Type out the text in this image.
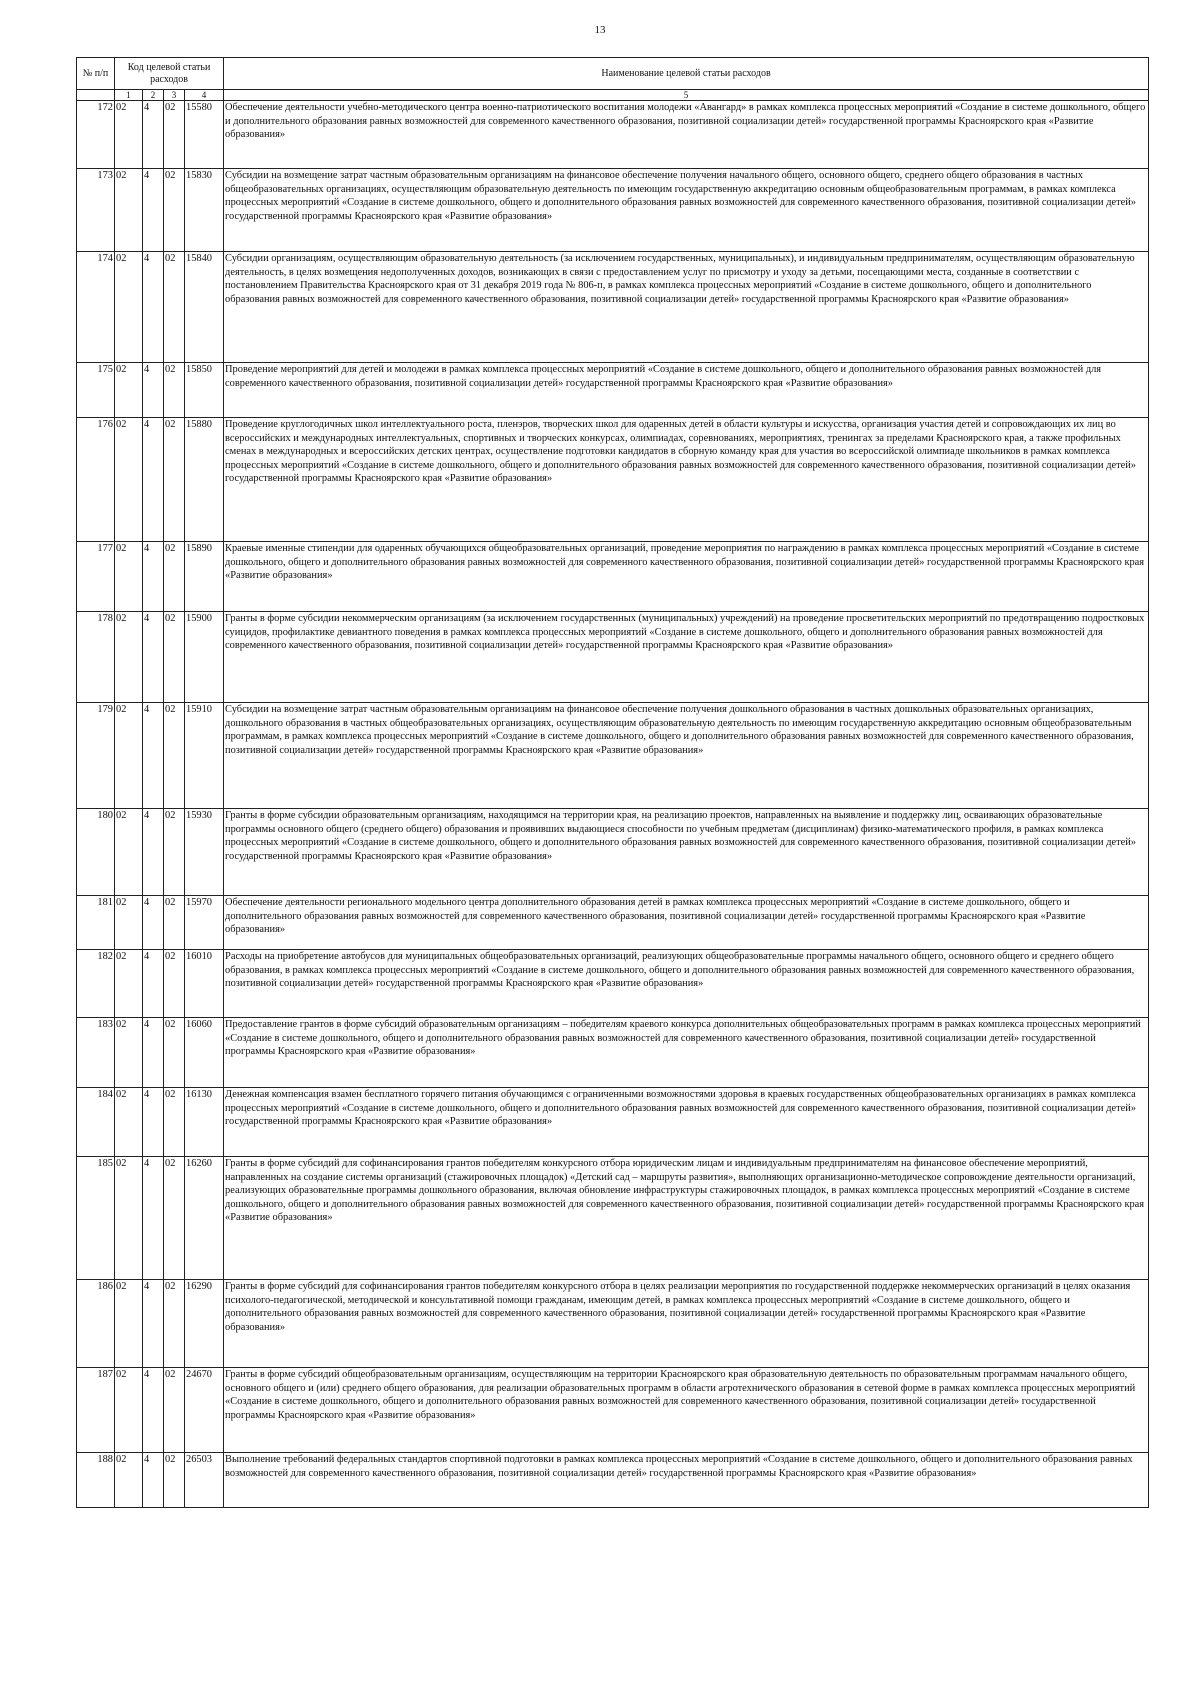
13
№ п/п	Код целевой статьи расходов				Наименование целевой статьи расходов

	1	2	3	4	5
172	02	4	02	15580	Обеспечение деятельности учебно-методического центра военно-патриотического воспитания молодежи «Авангард» в рамках комплекса процессных мероприятий «Создание в системе дошкольного, общего и дополнительного образования равных возможностей для современного качественного образования, позитивной социализации детей» государственной программы Красноярского края «Развитие образования»
173	02	4	02	15830	Субсидии на возмещение затрат частным образовательным организациям на финансовое обеспечение получения начального общего, основного общего, среднего общего образования в частных общеобразовательных организациях, осуществляющим образовательную деятельность по имеющим государственную аккредитацию основным общеобразовательным программам, в рамках комплекса процессных мероприятий «Создание в системе дошкольного, общего и дополнительного образования равных возможностей для современного качественного образования, позитивной социализации детей» государственной программы Красноярского края «Развитие образования»
174	02	4	02	15840	Субсидии организациям, осуществляющим образовательную деятельность (за исключением государственных, муниципальных), и индивидуальным предпринимателям, осуществляющим образовательную деятельность, в целях возмещения недополученных доходов, возникающих в связи с предоставлением услуг по присмотру и уходу за детьми, посещающими места, созданные в соответствии с постановлением Правительства Красноярского края от 31 декабря 2019 года № 806-п, в рамках комплекса процессных мероприятий «Создание в системе дошкольного, общего и дополнительного образования равных возможностей для современного качественного образования, позитивной социализации детей» государственной программы Красноярского края «Развитие образования»
175	02	4	02	15850	Проведение мероприятий для детей и молодежи в рамках комплекса процессных мероприятий «Создание в системе дошкольного, общего и дополнительного образования равных возможностей для современного качественного образования, позитивной социализации детей» государственной программы Красноярского края «Развитие образования»
176	02	4	02	15880	Проведение круглогодичных школ интеллектуального роста, пленэров, творческих школ для одаренных детей в области культуры и искусства, организация участия детей и сопровождающих их лиц во всероссийских и международных интеллектуальных, спортивных и творческих конкурсах, олимпиадах, соревнованиях, мероприятиях, тренингах за пределами Красноярского края, а также профильных сменах в международных и всероссийских детских центрах, осуществление подготовки кандидатов в сборную команду края для участия во всероссийской олимпиаде школьников в рамках комплекса процессных мероприятий «Создание в системе дошкольного, общего и дополнительного образования равных возможностей для современного качественного образования, позитивной социализации детей» государственной программы Красноярского края «Развитие образования»
177	02	4	02	15890	Краевые именные стипендии для одаренных обучающихся общеобразовательных организаций, проведение мероприятия по награждению в рамках комплекса процессных мероприятий «Создание в системе дошкольного, общего и дополнительного образования равных возможностей для современного качественного образования, позитивной социализации детей» государственной программы Красноярского края «Развитие образования»
178	02	4	02	15900	Гранты в форме субсидии некоммерческим организациям (за исключением государственных (муниципальных) учреждений) на проведение просветительских мероприятий по предотвращению подростковых суицидов, профилактике девиантного поведения в рамках комплекса процессных мероприятий «Создание в системе дошкольного, общего и дополнительного образования равных возможностей для современного качественного образования, позитивной социализации детей» государственной программы Красноярского края «Развитие образования»
179	02	4	02	15910	Субсидии на возмещение затрат частным образовательным организациям на финансовое обеспечение получения дошкольного образования в частных дошкольных образовательных организациях, дошкольного образования в частных общеобразовательных организациях, осуществляющим образовательную деятельность по имеющим государственную аккредитацию основным общеобразовательным программам, в рамках комплекса процессных мероприятий «Создание в системе дошкольного, общего и дополнительного образования равных возможностей для современного качественного образования, позитивной социализации детей» государственной программы Красноярского края «Развитие образования»
180	02	4	02	15930	Гранты в форме субсидии образовательным организациям, находящимся на территории края, на реализацию проектов, направленных на выявление и поддержку лиц, осваивающих образовательные программы основного общего (среднего общего) образования и проявивших выдающиеся способности по учебным предметам (дисциплинам) физико-математического профиля, в рамках комплекса процессных мероприятий «Создание в системе дошкольного, общего и дополнительного образования равных возможностей для современного качественного образования, позитивной социализации детей» государственной программы Красноярского края «Развитие образования»
181	02	4	02	15970	Обеспечение деятельности регионального модельного центра дополнительного образования детей в рамках комплекса процессных мероприятий «Создание в системе дошкольного, общего и дополнительного образования равных возможностей для современного качественного образования, позитивной социализации детей» государственной программы Красноярского края «Развитие образования»
182	02	4	02	16010	Расходы на приобретение автобусов для муниципальных общеобразовательных организаций, реализующих общеобразовательные программы начального общего, основного общего и среднего общего образования, в рамках комплекса процессных мероприятий «Создание в системе дошкольного, общего и дополнительного образования равных возможностей для современного качественного образования, позитивной социализации детей» государственной программы Красноярского края «Развитие образования»
183	02	4	02	16060	Предоставление грантов в форме субсидий образовательным организациям – победителям краевого конкурса дополнительных общеобразовательных программ в рамках комплекса процессных мероприятий «Создание в системе дошкольного, общего и дополнительного образования равных возможностей для современного качественного образования, позитивной социализации детей» государственной программы Красноярского края «Развитие образования»
184	02	4	02	16130	Денежная компенсация взамен бесплатного горячего питания обучающимся с ограниченными возможностями здоровья в краевых государственных общеобразовательных организациях в рамках комплекса процессных мероприятий «Создание в системе дошкольного, общего и дополнительного образования равных возможностей для современного качественного образования, позитивной социализации детей» государственной программы Красноярского края «Развитие образования»
185	02	4	02	16260	Гранты в форме субсидий для софинансирования грантов победителям конкурсного отбора юридическим лицам и индивидуальным предпринимателям на финансовое обеспечение мероприятий, направленных на создание системы организаций (стажировочных площадок) «Детский сад – маршруты развития», выполняющих организационно-методическое сопровождение деятельности организаций, реализующих образовательные программы дошкольного образования, включая обновление инфраструктуры стажировочных площадок, в рамках комплекса процессных мероприятий «Создание в системе дошкольного, общего и дополнительного образования равных возможностей для современного качественного образования, позитивной социализации детей» государственной программы Красноярского края «Развитие образования»
186	02	4	02	16290	Гранты в форме субсидий для софинансирования грантов победителям конкурсного отбора в целях реализации мероприятия по государственной поддержке некоммерческих организаций в целях оказания психолого-педагогической, методической и консультативной помощи гражданам, имеющим детей, в рамках комплекса процессных мероприятий «Создание в системе дошкольного, общего и дополнительного образования равных возможностей для современного качественного образования, позитивной социализации детей» государственной программы Красноярского края «Развитие образования»
187	02	4	02	24670	Гранты в форме субсидий общеобразовательным организациям, осуществляющим на территории Красноярского края образовательную деятельность по образовательным программам начального общего, основного общего и (или) среднего общего образования, для реализации образовательных программ в области агротехнического образования в сетевой форме в рамках комплекса процессных мероприятий «Создание в системе дошкольного, общего и дополнительного образования равных возможностей для современного качественного образования, позитивной социализации детей» государственной программы Красноярского края «Развитие образования»
188	02	4	02	26503	Выполнение требований федеральных стандартов спортивной подготовки в рамках комплекса процессных мероприятий «Создание в системе дошкольного, общего и дополнительного образования равных возможностей для современного качественного образования, позитивной социализации детей» государственной программы Красноярского края «Развитие образования»
